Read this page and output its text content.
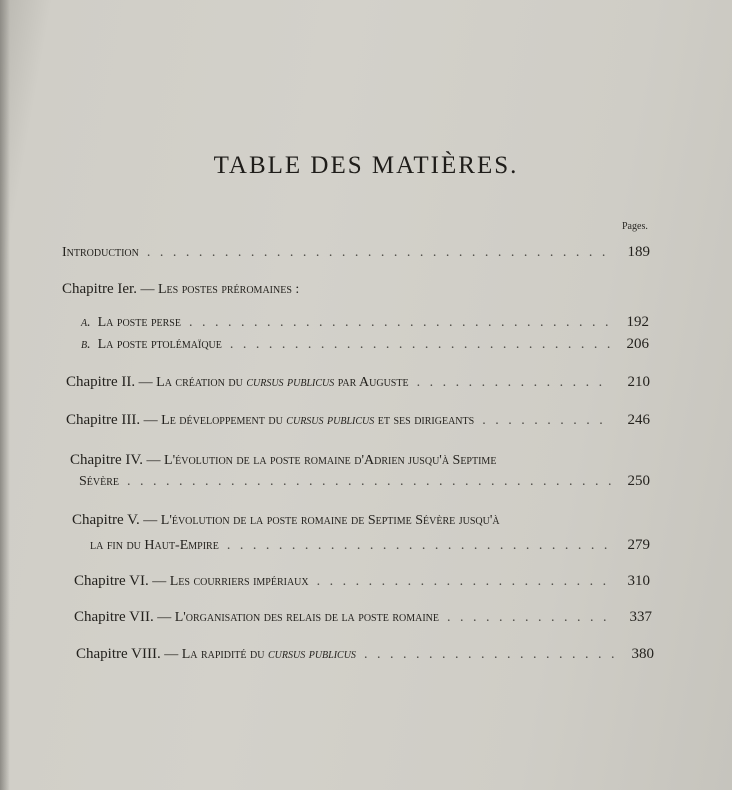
TABLE DES MATIÈRES.
Pages.
Introduction . . .	189
Chapitre Ier. — Les postes préromaines :
a. La poste perse . . .	192
b. La poste ptolémaïque . . .	206
Chapitre II. — La création du cursus publicus par Auguste . . .	210
Chapitre III. — Le développement du cursus publicus et ses dirigeants . . .	246
Chapitre IV. — L'évolution de la poste romaine d'Adrien jusqu'à Septime
Sévère . . .	250
Chapitre V. — L'évolution de la poste romaine de Septime Sévère jusqu'à
la fin du Haut-Empire . . .	279
Chapitre VI. — Les courriers impériaux . . .	310
Chapitre VII. — L'organisation des relais de la poste romaine . . .	337
Chapitre VIII. — La rapidité du cursus publicus . . .	380
